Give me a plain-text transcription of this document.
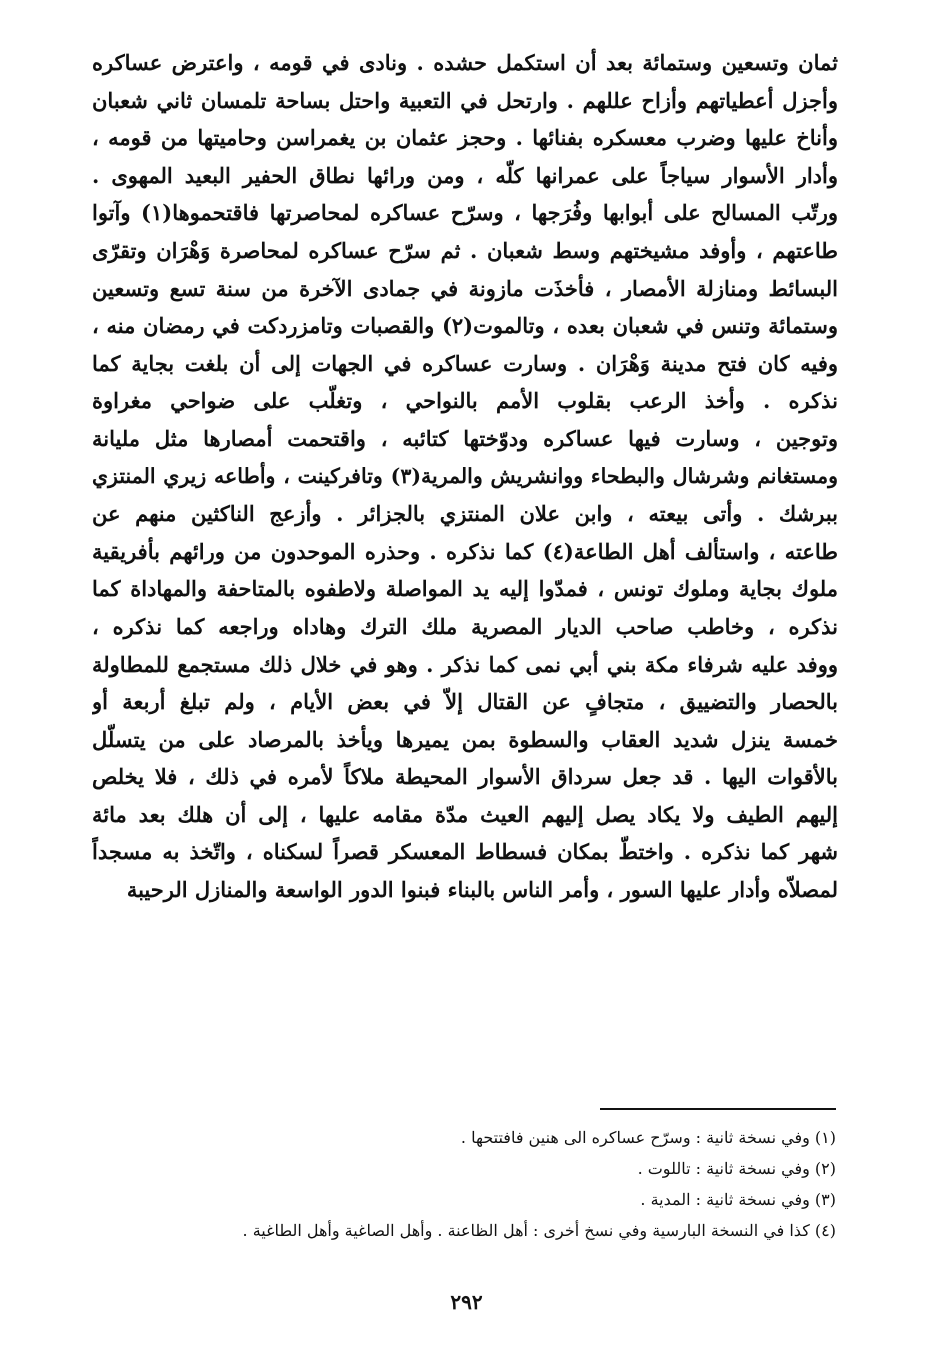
ثمان وتسعين وستمائة بعد أن استكمل حشده . ونادى في قومه ، واعترض عساكره
وأجزل أعطياتهم وأزاح عللهم . وارتحل في التعبية واحتل بساحة تلمسان ثاني شعبان
وأناخ عليها وضرب معسكره بفنائها . وحجز عثمان بن يغمراسن وحاميتها من قومه ،
وأدار الأسوار سياجاً على عمرانها كلّه ، ومن ورائها نطاق الحفير البعيد المهوى .
ورتّب المسالح على أبوابها وفُرَجها ، وسرّح عساكره لمحاصرتها فاقتحموها(١) وآتوا
طاعتهم ، وأوفد مشيختهم وسط شعبان . ثم سرّح عساكره لمحاصرة وَهْرَان وتقرّى
البسائط ومنازلة الأمصار ، فأخذَت مازونة في جمادى الآخرة من سنة تسع وتسعين
وستمائة وتنس في شعبان بعده ، وتالموت(٢) والقصبات وتامزردكت في رمضان منه ،
وفيه كان فتح مدينة وَهْرَان . وسارت عساكره في الجهات إلى أن بلغت بجاية كما
نذكره . وأخذ الرعب بقلوب الأمم بالنواحي ، وتغلّب على ضواحي مغراوة
وتوجين ، وسارت فيها عساكره ودوّختها كتائبه ، واقتحمت أمصارها مثل مليانة
ومستغانم وشرشال والبطحاء ووانشريش والمرية(٣) وتافركينت ، وأطاعه زيري المنتزي
ببرشك . وأتى بيعته ، وابن علان المنتزي بالجزائر . وأزعج الناكثين منهم عن
طاعته ، واستألف أهل الطاعة(٤) كما نذكره . وحذره الموحدون من ورائهم بأفريقية
ملوك بجاية وملوك تونس ، فمدّوا إليه يد المواصلة ولاطفوه بالمتاحفة والمهاداة كما
نذكره ، وخاطب صاحب الديار المصرية ملك الترك وهاداه وراجعه كما نذكره ،
ووفد عليه شرفاء مكة بني أبي نمى كما نذكر . وهو في خلال ذلك مستجمع للمطاولة
بالحصار والتضييق ، متجافٍ عن القتال إلاّ في بعض الأيام ، ولم تبلغ أربعة أو
خمسة ينزل شديد العقاب والسطوة بمن يميرها ويأخذ بالمرصاد على من يتسلّل
بالأقوات اليها . قد جعل سرداق الأسوار المحيطة ملاكاً لأمره في ذلك ، فلا يخلص
إليهم الطيف ولا يكاد يصل إليهم العيث مدّة مقامه عليها ، إلى أن هلك بعد مائة
شهر كما نذكره . واختطّ بمكان فسطاط المعسكر قصراً لسكناه ، واتّخذ به مسجداً
لمصلاّه وأدار عليها السور ، وأمر الناس بالبناء فبنوا الدور الواسعة والمنازل الرحيبة
(١) وفي نسخة ثانية : وسرّح عساكره الى هنين فافتتحها .
(٢) وفي نسخة ثانية : تاللوت .
(٣) وفي نسخة ثانية : المدية .
(٤) كذا في النسخة البارسية وفي نسخ أخرى : أهل الظاعنة . وأهل الصاغية وأهل الطاغية .
٢٩٢
